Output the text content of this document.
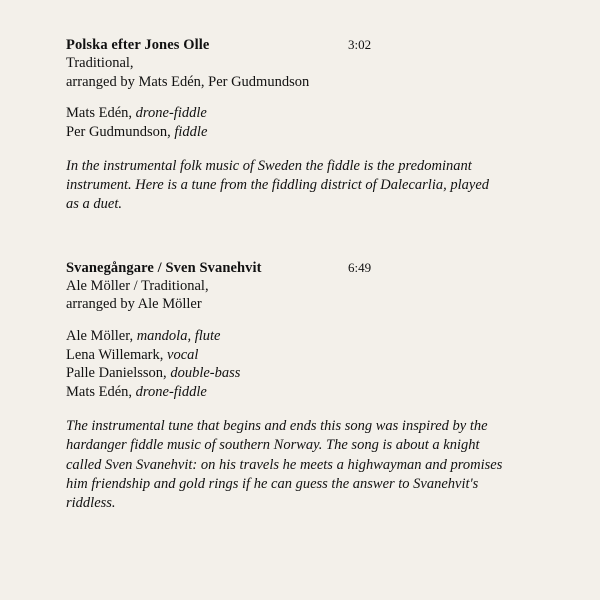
Polska efter Jones Olle	3:02
Traditional,
arranged by Mats Edén, Per Gudmundson
Mats Edén, drone-fiddle
Per Gudmundson, fiddle
In the instrumental folk music of Sweden the fiddle is the predominant instrument. Here is a tune from the fiddling district of Dalecarlia, played as a duet.
Svanegångare / Sven Svanehvit	6:49
Ale Möller / Traditional,
arranged by Ale Möller
Ale Möller, mandola, flute
Lena Willemark, vocal
Palle Danielsson, double-bass
Mats Edén, drone-fiddle
The instrumental tune that begins and ends this song was inspired by the hardanger fiddle music of southern Norway. The song is about a knight called Sven Svanehvit: on his travels he meets a highwayman and promises him friendship and gold rings if he can guess the answer to Svanehvit's riddless.
